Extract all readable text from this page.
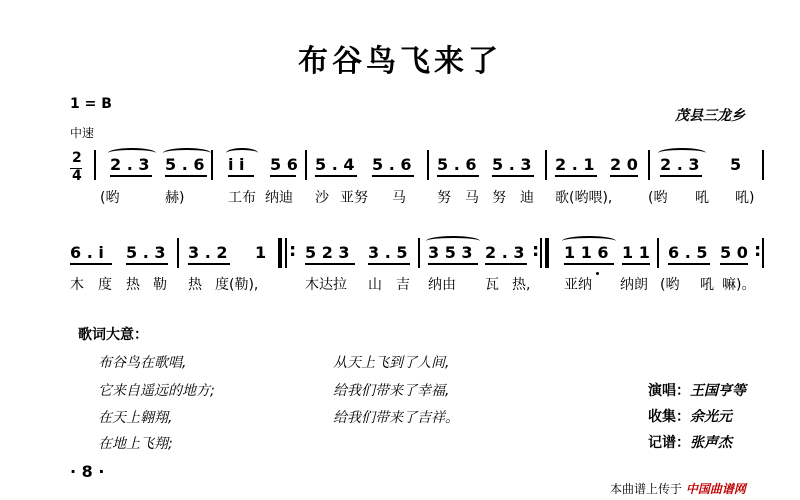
布谷鸟飞来了
1 = B
中速
茂县三龙乡
2
4
2 . 3 5 . 6 i i 5 6 5 . 4 5 . 6 5 . 6 5 . 3 2 . 1 2 0 2 . 3 5
(哟	赫)	工布 纳迪 沙 亚努 马 努 马 努 迪 歌(哟喂),	(哟 吼 吼)
6 . i 5 . 3 3 . 2 1 : 5 2 3 3 . 5 3 5 3 2 . 3 : 1 1 6 1 1 6 . 5 5 0 :
木 度 热 勒 热 度(勒),	木达拉 山 吉 纳由 瓦 热, 亚纳 纳朗 (哟 吼 嘛)。
歌词大意：
布谷鸟在歌唱,
它来自遥远的地方;
在天上翱翔,
在地上飞翔;
从天上飞到了人间,
给我们带来了幸福,
给我们带来了吉祥。
演唱：王国亨等
收集：余光元
记谱：张声杰
· 8 ·
本曲谱上传于 中国曲谱网
